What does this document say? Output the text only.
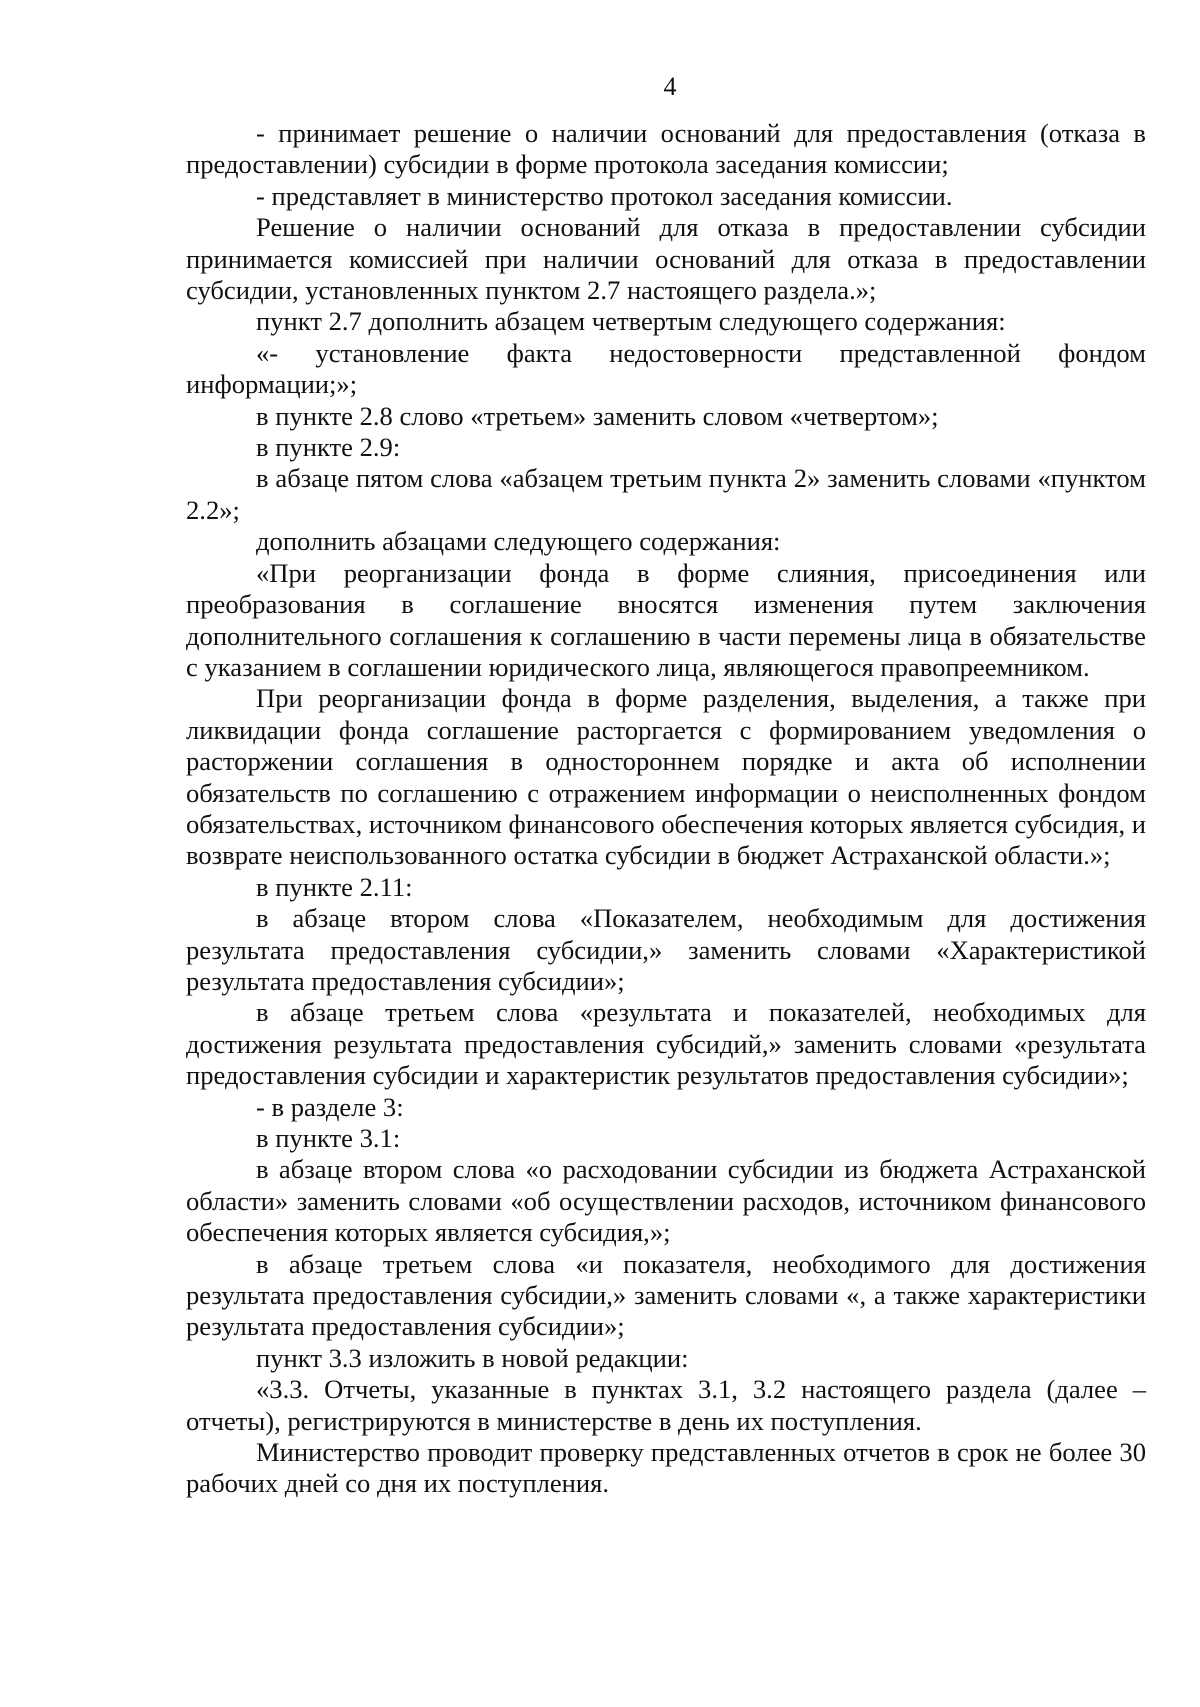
4

- принимает решение о наличии оснований для предоставления (отказа в предоставлении) субсидии в форме протокола заседания комиссии;

- представляет в министерство протокол заседания комиссии.

Решение о наличии оснований для отказа в предоставлении субсидии принимается комиссией при наличии оснований для отказа в предоставлении субсидии, установленных пунктом 2.7 настоящего раздела.»;

пункт 2.7 дополнить абзацем четвертым следующего содержания:

«- установление факта недостоверности представленной фондом информации;»;

в пункте 2.8 слово «третьем» заменить словом «четвертом»;

в пункте 2.9:

в абзаце пятом слова «абзацем третьим пункта 2» заменить словами «пунктом 2.2»;

дополнить абзацами следующего содержания:

«При реорганизации фонда в форме слияния, присоединения или преобразования в соглашение вносятся изменения путем заключения дополнительного соглашения к соглашению в части перемены лица в обязательстве с указанием в соглашении юридического лица, являющегося правопреемником.

При реорганизации фонда в форме разделения, выделения, а также при ликвидации фонда соглашение расторгается с формированием уведомления о расторжении соглашения в одностороннем порядке и акта об исполнении обязательств по соглашению с отражением информации о неисполненных фондом обязательствах, источником финансового обеспечения которых является субсидия, и возврате неиспользованного остатка субсидии в бюджет Астраханской области.»;

в пункте 2.11:

в абзаце втором слова «Показателем, необходимым для достижения результата предоставления субсидии,» заменить словами «Характеристикой результата предоставления субсидии»;

в абзаце третьем слова «результата и показателей, необходимых для достижения результата предоставления субсидий,» заменить словами «результата предоставления субсидии и характеристик результатов предоставления субсидии»;

- в разделе 3:

в пункте 3.1:

в абзаце втором слова «о расходовании субсидии из бюджета Астраханской области» заменить словами «об осуществлении расходов, источником финансового обеспечения которых является субсидия,»;

в абзаце третьем слова «и показателя, необходимого для достижения результата предоставления субсидии,» заменить словами «, а также характеристики результата предоставления субсидии»;

пункт 3.3 изложить в новой редакции:

«3.3. Отчеты, указанные в пунктах 3.1, 3.2 настоящего раздела (далее – отчеты), регистрируются в министерстве в день их поступления.

Министерство проводит проверку представленных отчетов в срок не более 30 рабочих дней со дня их поступления.
